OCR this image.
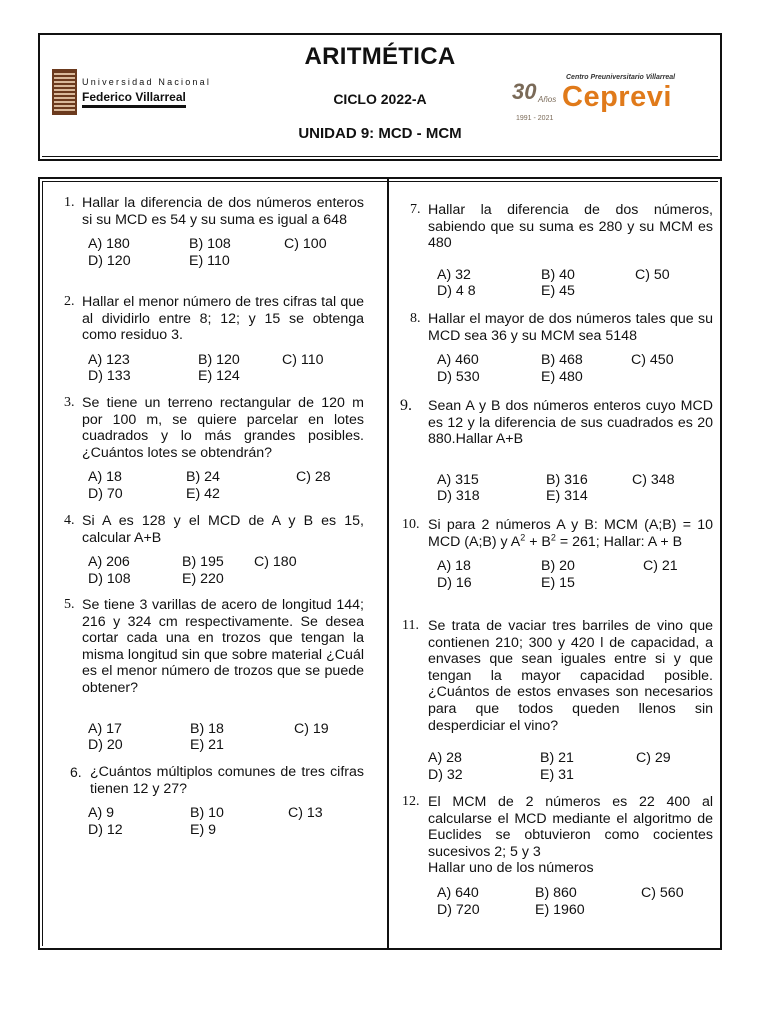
ARITMÉTICA
CICLO 2022-A
UNIDAD 9: MCD - MCM
Universidad Nacional
Federico Villarreal	30 Años
1991 - 2021
Centro Preuniversitario Villarreal
Ceprevi
1. Hallar la diferencia de dos números enteros si su MCD es 54 y su suma es igual a 648
A) 180	B) 108	C) 100
D) 120	E) 110
2. Hallar el menor número de tres cifras tal que al dividirlo entre 8; 12; y 15 se obtenga como residuo 3.
A) 123	B) 120	C) 110
D) 133	E) 124
3. Se tiene un terreno rectangular de 120 m por 100 m, se quiere parcelar en lotes cuadrados y lo más grandes posibles. ¿Cuántos lotes se obtendrán?
A) 18	B) 24	C) 28
D) 70	E) 42
4. Si A es 128 y el MCD de A y B es 15, calcular A+B
A) 206	B) 195	C) 180
D) 108	E) 220
5. Se tiene 3 varillas de acero de longitud 144; 216 y 324 cm respectivamente. Se desea cortar cada una en trozos que tengan la misma longitud sin que sobre material ¿Cuál es el menor número de trozos que se puede obtener?
A) 17	B) 18	C) 19
D) 20	E) 21
6. ¿Cuántos múltiplos comunes de tres cifras tienen 12 y 27?
A) 9	B) 10	C) 13
D) 12	E) 9
7. Hallar la diferencia de dos números, sabiendo que su suma es 280 y su MCM es 480
A) 32	B) 40	C) 50
D) 4 8	E) 45
8. Hallar el mayor de dos números tales que su MCD sea 36 y su MCM sea 5148
A) 460	B) 468	C) 450
D) 530	E) 480
9. Sean A y B dos números enteros cuyo MCD es 12 y la diferencia de sus cuadrados es 20 880.Hallar A+B
A) 315	B) 316	C) 348
D) 318	E) 314
10. Si para 2 números A y B: MCM (A;B) = 10 MCD (A;B) y $A^2 + B^2 = 261$; Hallar: A + B
A) 18	B) 20	C) 21
D) 16	E) 15
11. Se trata de vaciar tres barriles de vino que contienen 210; 300 y 420 l de capacidad, a envases que sean iguales entre si y que tengan la mayor capacidad posible. ¿Cuántos de estos envases son necesarios para que todos queden llenos sin desperdiciar el vino?
A) 28	B) 21	C) 29
D) 32	E) 31
12. El MCM de 2 números es 22 400 al calcularse el MCD mediante el algoritmo de Euclides se obtuvieron como cocientes sucesivos 2; 5 y 3
Hallar uno de los números
A) 640	B) 860	C) 560
D) 720	E) 1960
